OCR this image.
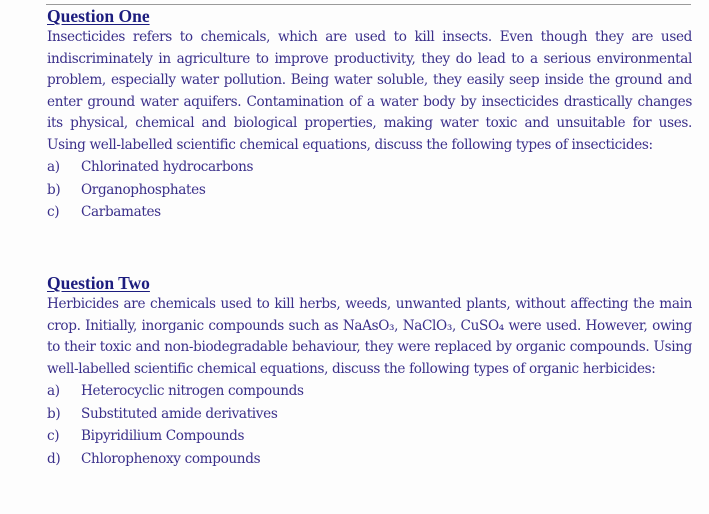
Question One

Insecticides refers to chemicals, which are used to kill insects. Even though they are used indiscriminately in agriculture to improve productivity, they do lead to a serious environmental problem, especially water pollution. Being water soluble, they easily seep inside the ground and enter ground water aquifers. Contamination of a water body by insecticides drastically changes its physical, chemical and biological properties, making water toxic and unsuitable for uses. Using well-labelled scientific chemical equations, discuss the following types of insecticides:

a) Chlorinated hydrocarbons
b) Organophosphates
c) Carbamates
Question Two

Herbicides are chemicals used to kill herbs, weeds, unwanted plants, without affecting the main crop. Initially, inorganic compounds such as NaAsO₃, NaClO₃, CuSO₄ were used. However, owing to their toxic and non-biodegradable behaviour, they were replaced by organic compounds. Using well-labelled scientific chemical equations, discuss the following types of organic herbicides:

a) Heterocyclic nitrogen compounds
b) Substituted amide derivatives
c) Bipyridilium Compounds
d) Chlorophenoxy compounds
